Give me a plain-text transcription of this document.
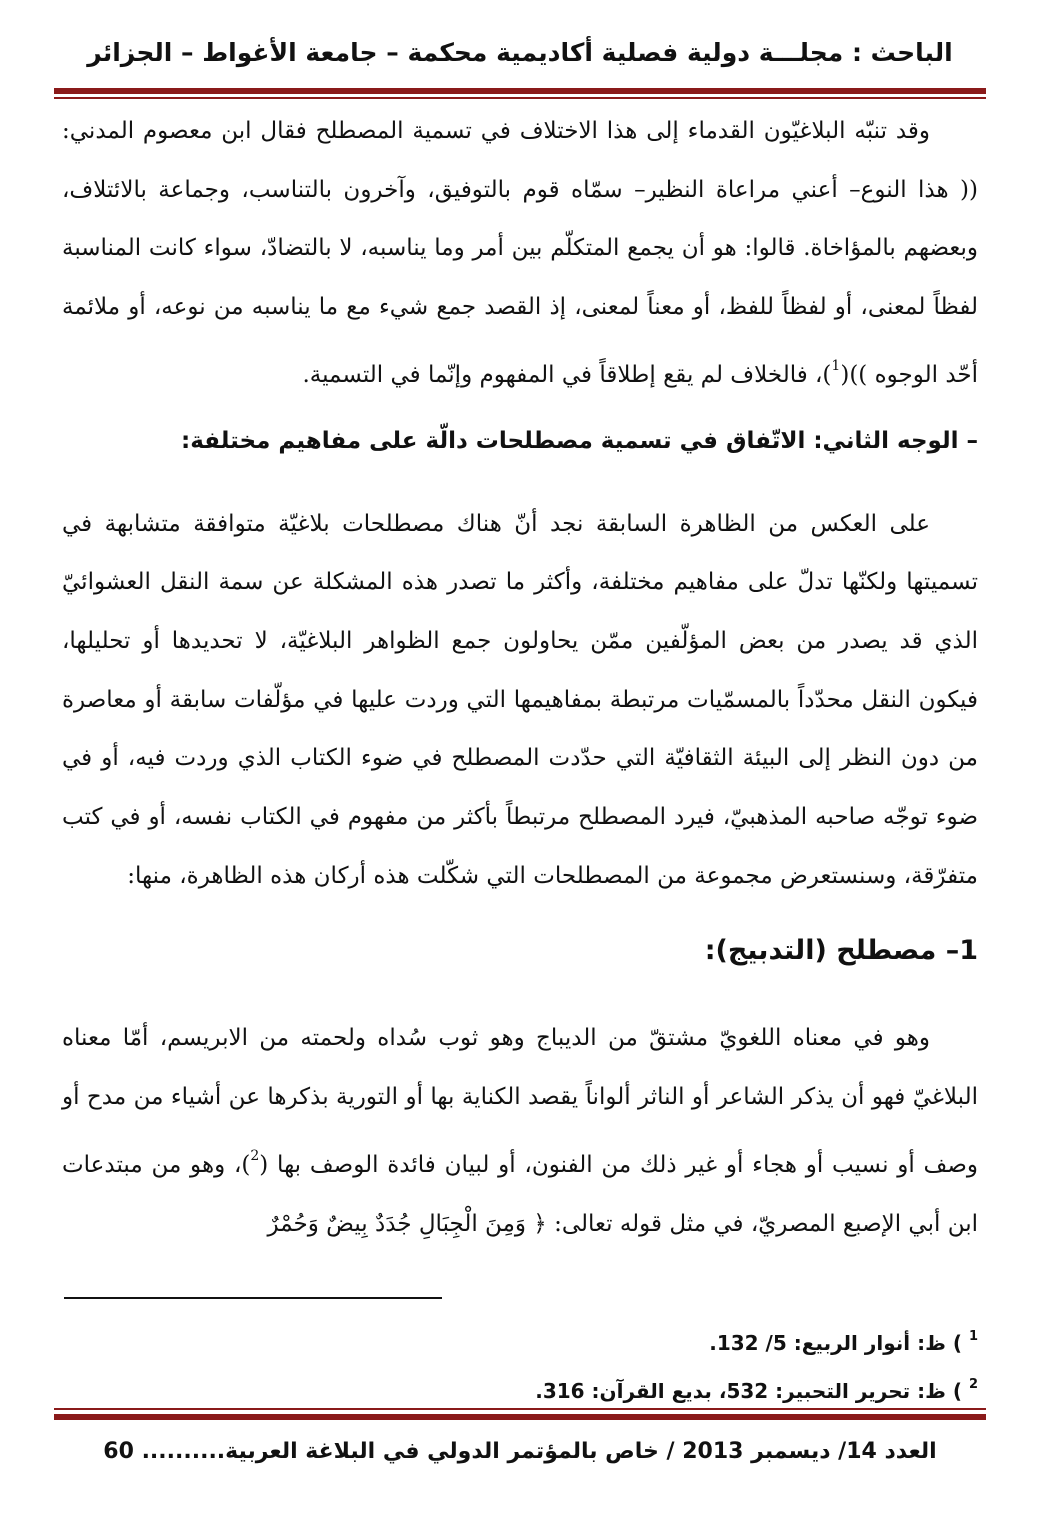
الباحث : مجلـــة دولية فصلية أكاديمية محكمة – جامعة الأغواط – الجزائر

وقد تنبّه البلاغيّون القدماء إلى هذا الاختلاف في تسمية المصطلح فقال ابن معصوم المدني: (( هذا النوع– أعني مراعاة النظير– سمّاه قوم بالتوفيق، وآخرون بالتناسب، وجماعة بالائتلاف، وبعضهم بالمؤاخاة. قالوا: هو أن يجمع المتكلّم بين أمر وما يناسبه، لا بالتضادّ، سواء كانت المناسبة لفظاً لمعنى، أو لفظاً للفظ، أو معناً لمعنى، إذ القصد جمع شيء مع ما يناسبه من نوعه، أو ملائمة أحّد الوجوه ))($^1$)، فالخلاف لم يقع إطلاقاً في المفهوم وإنّما في التسمية.

– الوجه الثاني: الاتّفاق في تسمية مصطلحات دالّة على مفاهيم مختلفة:

على العكس من الظاهرة السابقة نجد أنّ هناك مصطلحات بلاغيّة متوافقة متشابهة في تسميتها ولكنّها تدلّ على مفاهيم مختلفة، وأكثر ما تصدر هذه المشكلة عن سمة النقل العشوائيّ الذي قد يصدر من بعض المؤلّفين ممّن يحاولون جمع الظواهر البلاغيّة، لا تحديدها أو تحليلها، فيكون النقل محدّداً بالمسمّيات مرتبطة بمفاهيمها التي وردت عليها في مؤلّفات سابقة أو معاصرة من دون النظر إلى البيئة الثقافيّة التي حدّدت المصطلح في ضوء الكتاب الذي وردت فيه، أو في ضوء توجّه صاحبه المذهبيّ، فيرد المصطلح مرتبطاً بأكثر من مفهوم في الكتاب نفسه، أو في كتب متفرّقة، وسنستعرض مجموعة من المصطلحات التي شكّلت هذه أركان هذه الظاهرة، منها:

1– مصطلح (التدبيج):

وهو في معناه اللغويّ مشتقّ من الديباج وهو ثوب سُداه ولحمته من الابريسم، أمّا معناه البلاغيّ فهو أن يذكر الشاعر أو الناثر ألواناً يقصد الكناية بها أو التورية بذكرها عن أشياء من مدح أو وصف أو نسيب أو هجاء أو غير ذلك من الفنون، أو لبيان فائدة الوصف بها ($^2$)، وهو من مبتدعات ابن أبي الإصبع المصريّ، في مثل قوله تعالى: ﴿ وَمِنَ الْجِبَالِ جُدَدٌ بِيضٌ وَحُمْرٌ

$^1$ ) ظ: أنوار الربيع: 5/ 132.
$^2$ ) ظ: تحرير التحبير: 532، بديع القرآن: 316.
العدد 14/ ديسمبر 2013 / خاص بالمؤتمر الدولي في البلاغة العربية.......... 60
